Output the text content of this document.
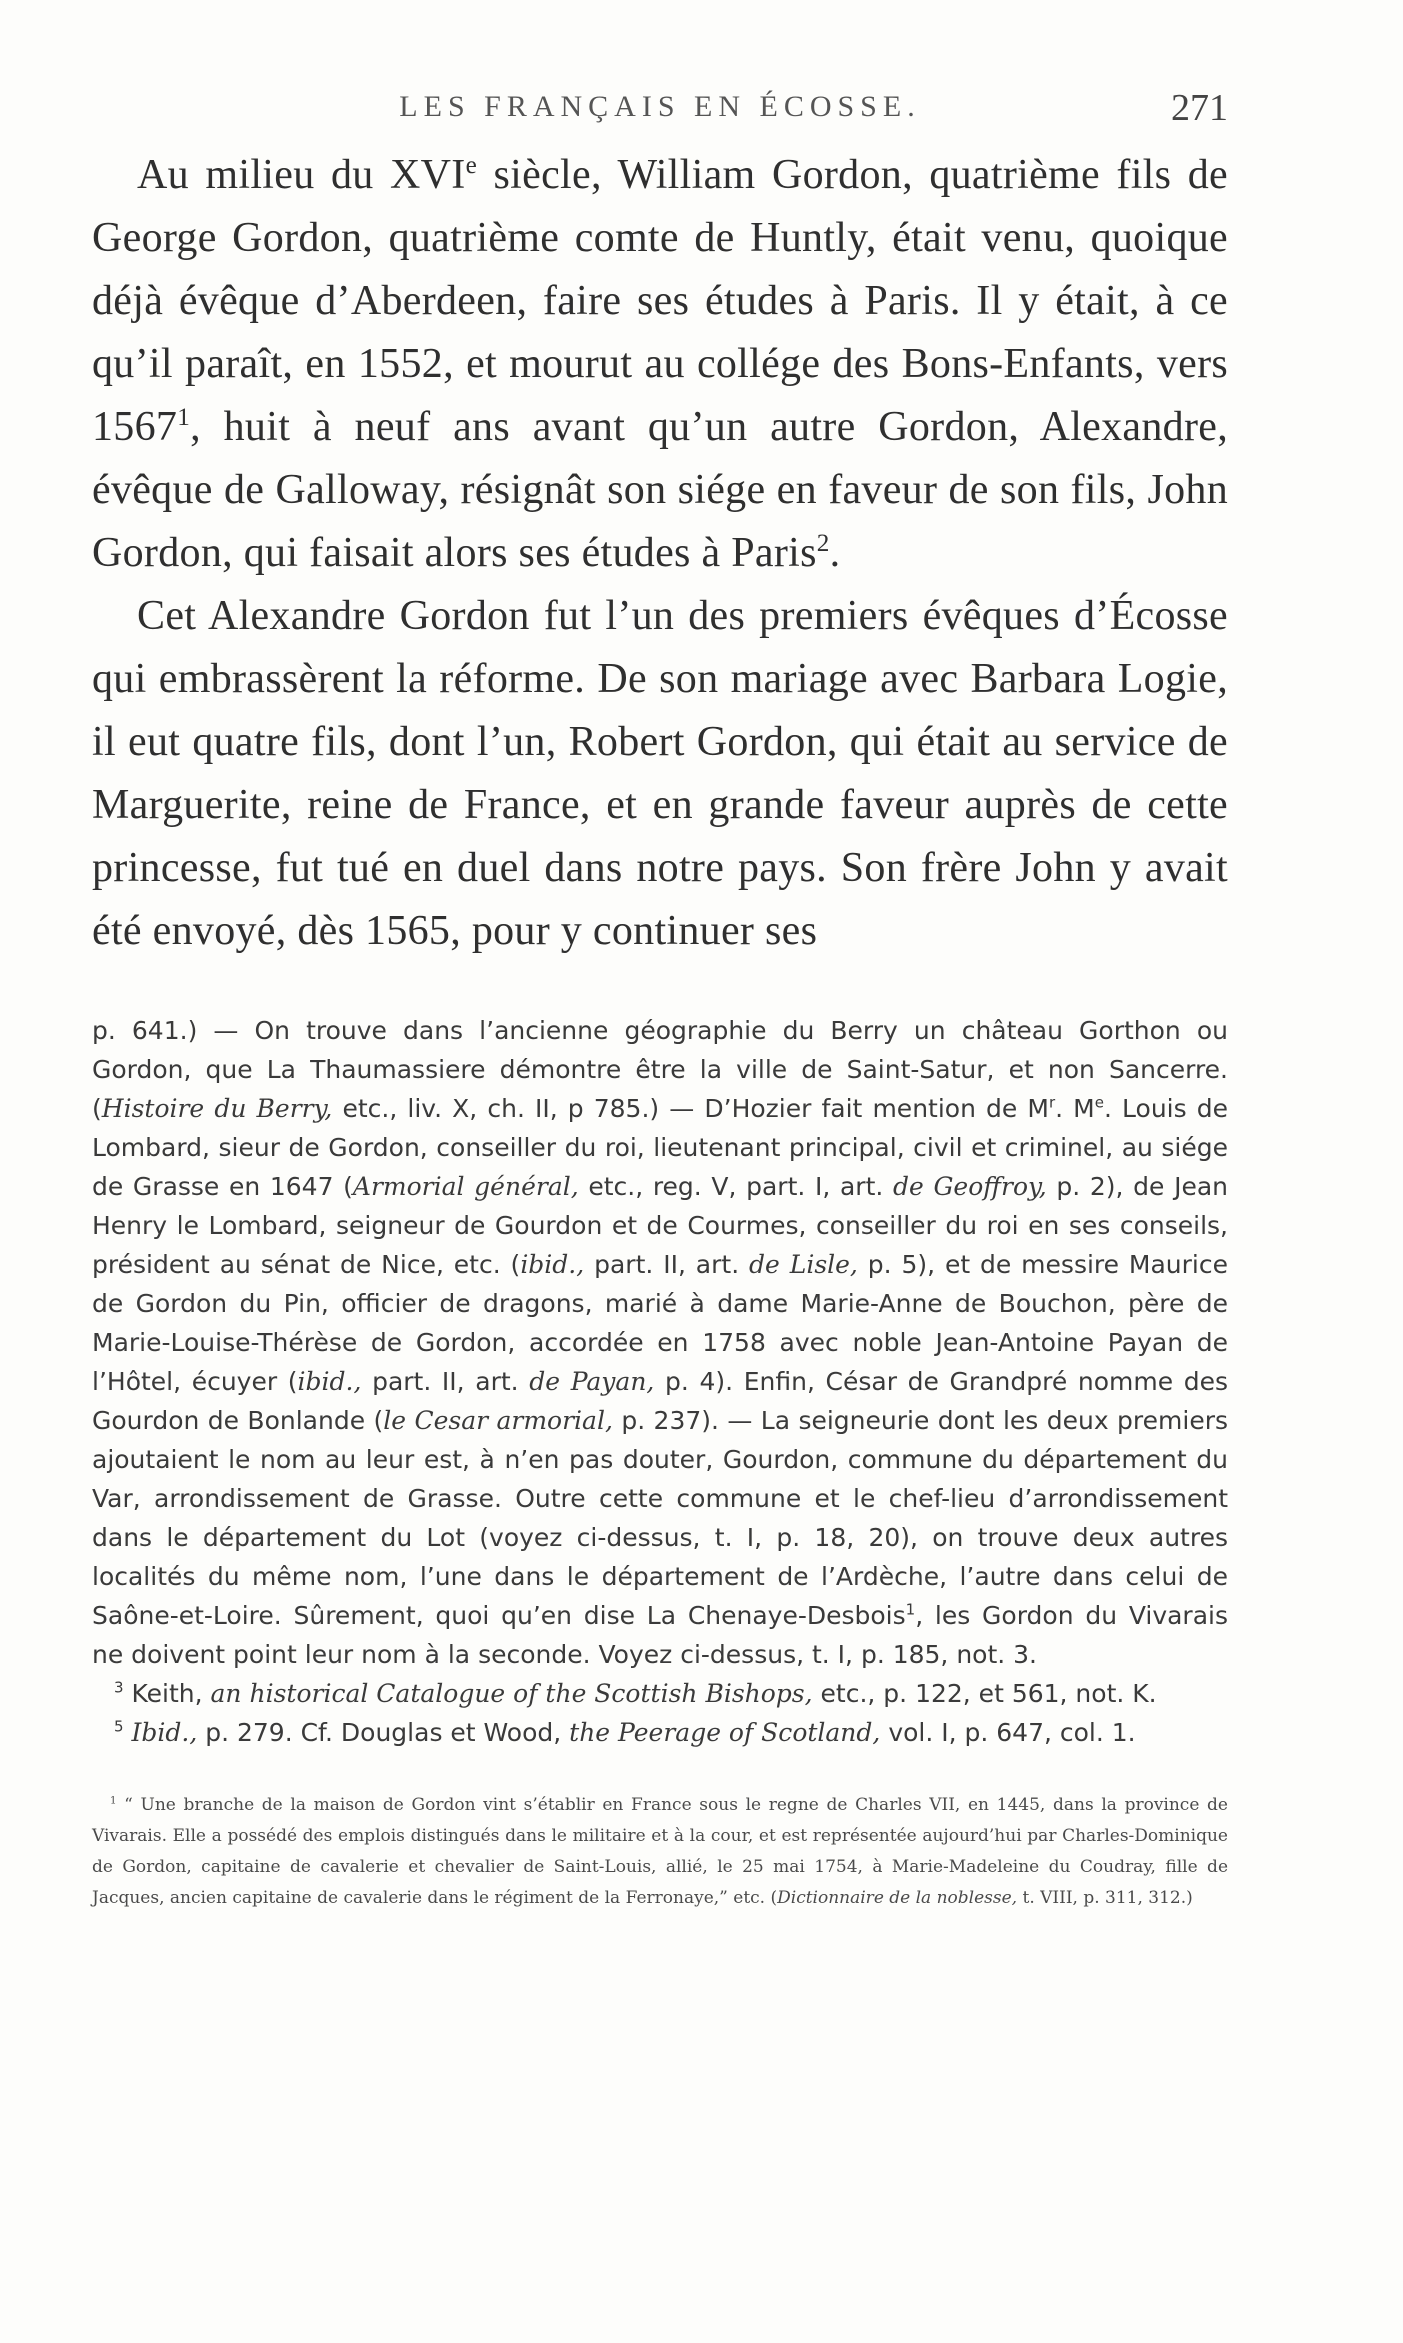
LES FRANÇAIS EN ÉCOSSE.	271

Au milieu du XVIe siècle, William Gordon, quatrième fils de George Gordon, quatrième comte de Huntly, était venu, quoique déjà évêque d’Aberdeen, faire ses études à Paris. Il y était, à ce qu’il paraît, en 1552, et mourut au collége des Bons-Enfants, vers 1567$^1$, huit à neuf ans avant qu’un autre Gordon, Alexandre, évêque de Galloway, résignât son siége en faveur de son fils, John Gordon, qui faisait alors ses études à Paris$^2$.

Cet Alexandre Gordon fut l’un des premiers évêques d’Écosse qui embrassèrent la réforme. De son mariage avec Barbara Logie, il eut quatre fils, dont l’un, Robert Gordon, qui était au service de Marguerite, reine de France, et en grande faveur auprès de cette princesse, fut tué en duel dans notre pays. Son frère John y avait été envoyé, dès 1565, pour y continuer ses

p. 641.) — On trouve dans l’ancienne géographie du Berry un château Gorthon ou Gordon, que La Thaumassiere démontre être la ville de Saint-Satur, et non Sancerre. (Histoire du Berry, etc., liv. X, ch. II, p 785.) — D’Hozier fait mention de $M^r$. Me. Louis de Lombard, sieur de Gordon, conseiller du roi, lieutenant principal, civil et criminel, au siége de Grasse en 1647 (Armorial général, etc., reg. V, part. I, art. de Geoffroy, p. 2), de Jean Henry le Lombard, seigneur de Gourdon et de Courmes, conseiller du roi en ses conseils, président au sénat de Nice, etc. (ibid., part. II, art. de Lisle, p. 5), et de messire Maurice de Gordon du Pin, officier de dragons, marié à dame Marie-Anne de Bouchon, père de Marie-Louise-Thérèse de Gordon, accordée en 1758 avec noble Jean-Antoine Payan de l’Hôtel, écuyer (ibid., part. II, art. de Payan, p. 4). Enfin, César de Grandpré nomme des Gourdon de Bonlande (le Cesar armorial, p. 237). — La seigneurie dont les deux premiers ajoutaient le nom au leur est, à n’en pas douter, Gourdon, commune du département du Var, arrondissement de Grasse. Outre cette commune et le chef-lieu d’arrondissement dans le département du Lot (voyez ci-dessus, t. I, p. 18, 20), on trouve deux autres localités du même nom, l’une dans le département de l’Ardèche, l’autre dans celui de Saône-et-Loire. Sûrement, quoi qu’en dise La Chenaye-Desbois$^1$, les Gordon du Vivarais ne doivent point leur nom à la seconde. Voyez ci-dessus, t. I, p. 185, not. 3.

$^3$ Keith, an historical Catalogue of the Scottish Bishops, etc., p. 122, et 561, not. K.

$^5$ Ibid., p. 279. Cf. Douglas et Wood, the Peerage of Scotland, vol. I, p. 647, col. 1.

$^1$ “ Une branche de la maison de Gordon vint s’établir en France sous le regne de Charles VII, en 1445, dans la province de Vivarais. Elle a possédé des emplois distingués dans le militaire et à la cour, et est représentée aujourd’hui par Charles-Dominique de Gordon, capitaine de cavalerie et chevalier de Saint-Louis, allié, le 25 mai 1754, à Marie-Madeleine du Coudray, fille de Jacques, ancien capitaine de cavalerie dans le régiment de la Ferronaye,” etc. (Dictionnaire de la noblesse, t. VIII, p. 311, 312.)
